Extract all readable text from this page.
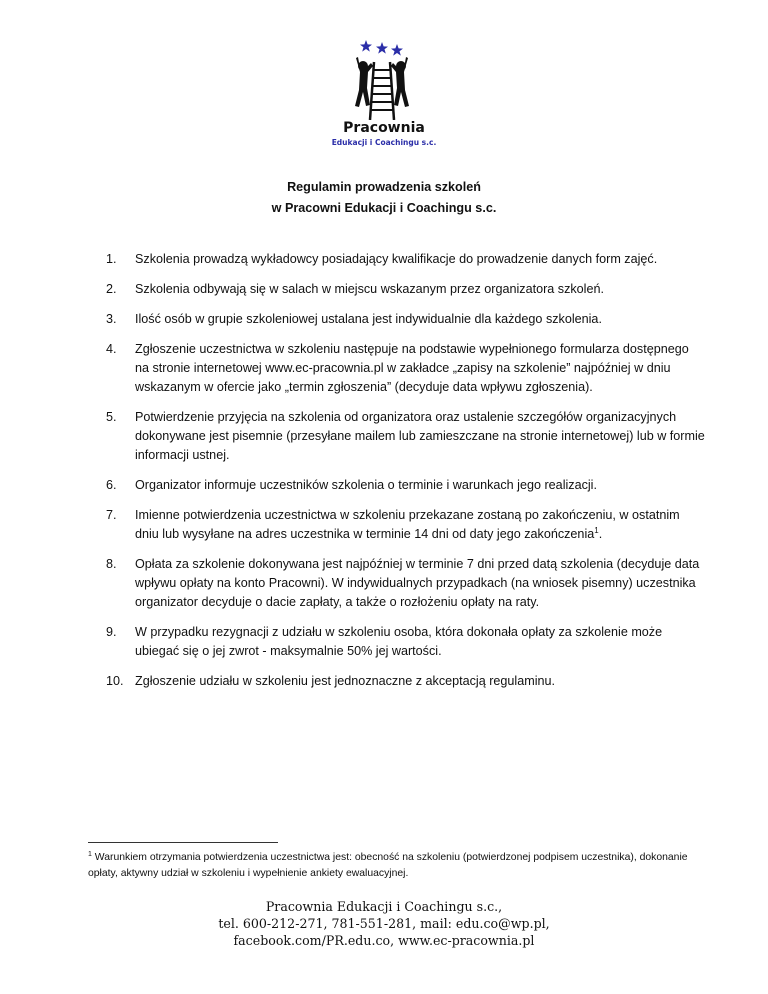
Pracownia
Edukacji i Coachingu s.c.
Regulamin prowadzenia szkoleń
w Pracowni Edukacji i Coachingu s.c.
1. Szkolenia prowadzą wykładowcy posiadający kwalifikacje do prowadzenie danych form zajęć.
2. Szkolenia odbywają się w salach w miejscu wskazanym przez organizatora szkoleń.
3. Ilość osób w grupie szkoleniowej ustalana jest indywidualnie dla każdego szkolenia.
4. Zgłoszenie uczestnictwa w szkoleniu następuje na podstawie wypełnionego formularza dostępnego na stronie internetowej www.ec-pracownia.pl w zakładce „zapisy na szkolenie” najpóźniej w dniu wskazanym w ofercie jako „termin zgłoszenia” (decyduje data wpływu zgłoszenia).
5. Potwierdzenie przyjęcia na szkolenia od organizatora oraz ustalenie szczegółów organizacyjnych dokonywane jest pisemnie (przesyłane mailem lub zamieszczane na stronie internetowej) lub w formie informacji ustnej.
6. Organizator informuje uczestników szkolenia o terminie i warunkach jego realizacji.
7. Imienne potwierdzenia uczestnictwa w szkoleniu przekazane zostaną po zakończeniu, w ostatnim dniu lub wysyłane na adres uczestnika w terminie 14 dni od daty jego zakończenia$^1$.
8. Opłata za szkolenie dokonywana jest najpóźniej w terminie 7 dni przed datą szkolenia (decyduje data wpływu opłaty na konto Pracowni). W indywidualnych przypadkach (na wniosek pisemny) uczestnika organizator decyduje o dacie zapłaty, a także o rozłożeniu opłaty na raty.
9. W przypadku rezygnacji z udziału w szkoleniu osoba, która dokonała opłaty za szkolenie może ubiegać się o jej zwrot - maksymalnie 50% jej wartości.
10. Zgłoszenie udziału w szkoleniu jest jednoznaczne z akceptacją regulaminu.
$^1$ Warunkiem otrzymania potwierdzenia uczestnictwa jest: obecność na szkoleniu (potwierdzonej podpisem uczestnika), dokonanie opłaty, aktywny udział w szkoleniu i wypełnienie ankiety ewaluacyjnej.
Pracownia Edukacji i Coachingu s.c.,
tel. 600-212-271, 781-551-281, mail: edu.co@wp.pl,
facebook.com/PR.edu.co, www.ec-pracownia.pl
